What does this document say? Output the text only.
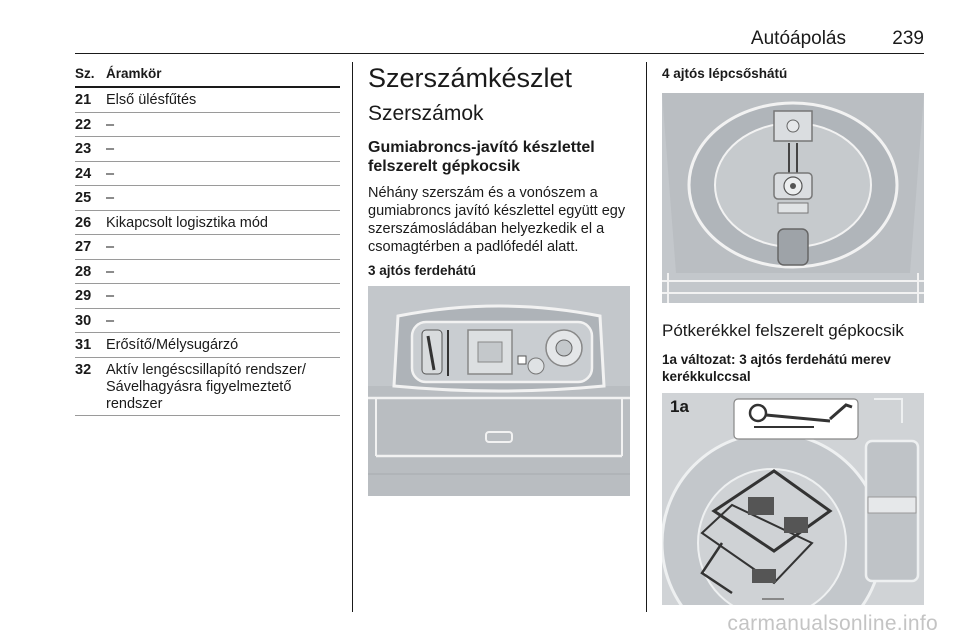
Autóápolás 239
Sz. Áramkör
21	Első ülésfűtés
22	–
23	–
24	–
25	–
26	Kikapcsolt logisztika mód
27	–
28	–
29	–
30	–
31	Erősítő/Mélysugárzó
32	Aktív lengéscsillapító rendszer/ Sávelhagyásra figyelmeztető rendszer
Szerszámkészlet
Szerszámok
Gumiabroncs-javító készlettel felszerelt gépkocsik

Néhány szerszám és a vonószem a gumiabroncs javító készlettel együtt egy szerszámosládában helyezkedik el a csomagtérben a padlófedél alatt.

3 ajtós ferdehátú
4 ajtós lépcsőshátú
Pótkerékkel felszerelt gépkocsik
1a változat: 3 ajtós ferdehátú merev kerékkulccsal
1a
carmanualsonline.info
